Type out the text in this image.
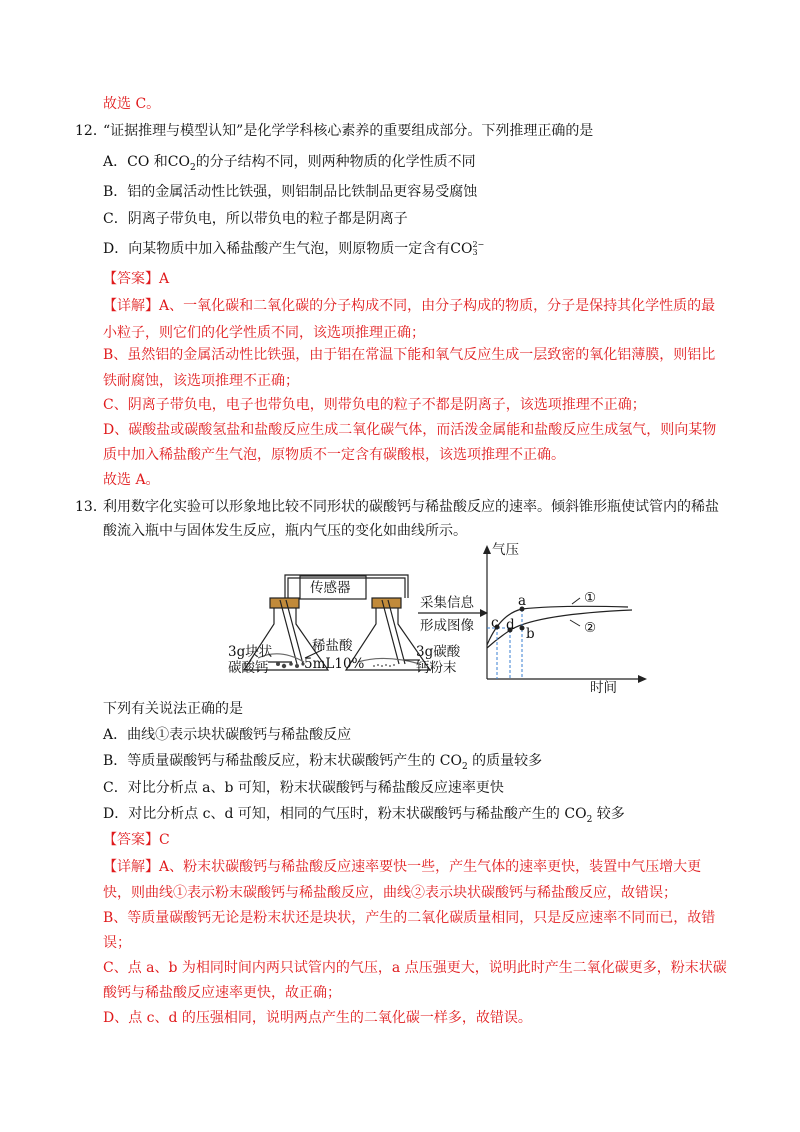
故选 C。
12．“证据推理与模型认知”是化学学科核心素养的重要组成部分。下列推理正确的是
A．CO 和$CO_2$的分子结构不同，则两种物质的化学性质不同
B．铝的金属活动性比铁强，则铝制品比铁制品更容易受腐蚀
C．阴离子带负电，所以带负电的粒子都是阴离子
D．向某物质中加入稀盐酸产生气泡，则原物质一定含有CO 2−
3
【答案】A
【详解】A、一氧化碳和二氧化碳的分子构成不同，由分子构成的物质，分子是保持其化学性质的最
小粒子，则它们的化学性质不同，该选项推理正确；
B、虽然铝的金属活动性比铁强，由于铝在常温下能和氧气反应生成一层致密的氧化铝薄膜，则铝比
铁耐腐蚀，该选项推理不正确；
C、阴离子带负电，电子也带负电，则带负电的粒子不都是阴离子，该选项推理不正确；
D、碳酸盐或碳酸氢盐和盐酸反应生成二氧化碳气体，而活泼金属能和盐酸反应生成氢气，则向某物
质中加入稀盐酸产生气泡，原物质不一定含有碳酸根，该选项推理不正确。
故选 A。
13．利用数字化实验可以形象地比较不同形状的碳酸钙与稀盐酸反应的速率。倾斜锥形瓶使试管内的稀盐
酸流入瓶中与固体发生反应，瓶内气压的变化如曲线所示。
传感器
采集信息
形成图像
3g块状
碳酸钙
稀盐酸
5mL10%
3g碳酸
钙粉末
气压
时间
a
b
c d
①
②
下列有关说法正确的是
A．曲线①表示块状碳酸钙与稀盐酸反应
B．等质量碳酸钙与稀盐酸反应，粉末状碳酸钙产生的 $CO_2$ 的质量较多
C．对比分析点 a、b 可知，粉末状碳酸钙与稀盐酸反应速率更快
D．对比分析点 c、d 可知，相同的气压时，粉末状碳酸钙与稀盐酸产生的 $CO_2$ 较多
【答案】C
【详解】A、粉末状碳酸钙与稀盐酸反应速率要快一些，产生气体的速率更快，装置中气压增大更
快，则曲线①表示粉末碳酸钙与稀盐酸反应，曲线②表示块状碳酸钙与稀盐酸反应，故错误；
B、等质量碳酸钙无论是粉末状还是块状，产生的二氧化碳质量相同，只是反应速率不同而已，故错
误；
C、点 a、b 为相同时间内两只试管内的气压，a 点压强更大，说明此时产生二氧化碳更多，粉末状碳
酸钙与稀盐酸反应速率更快，故正确；
D、点 c、d 的压强相同，说明两点产生的二氧化碳一样多，故错误。
